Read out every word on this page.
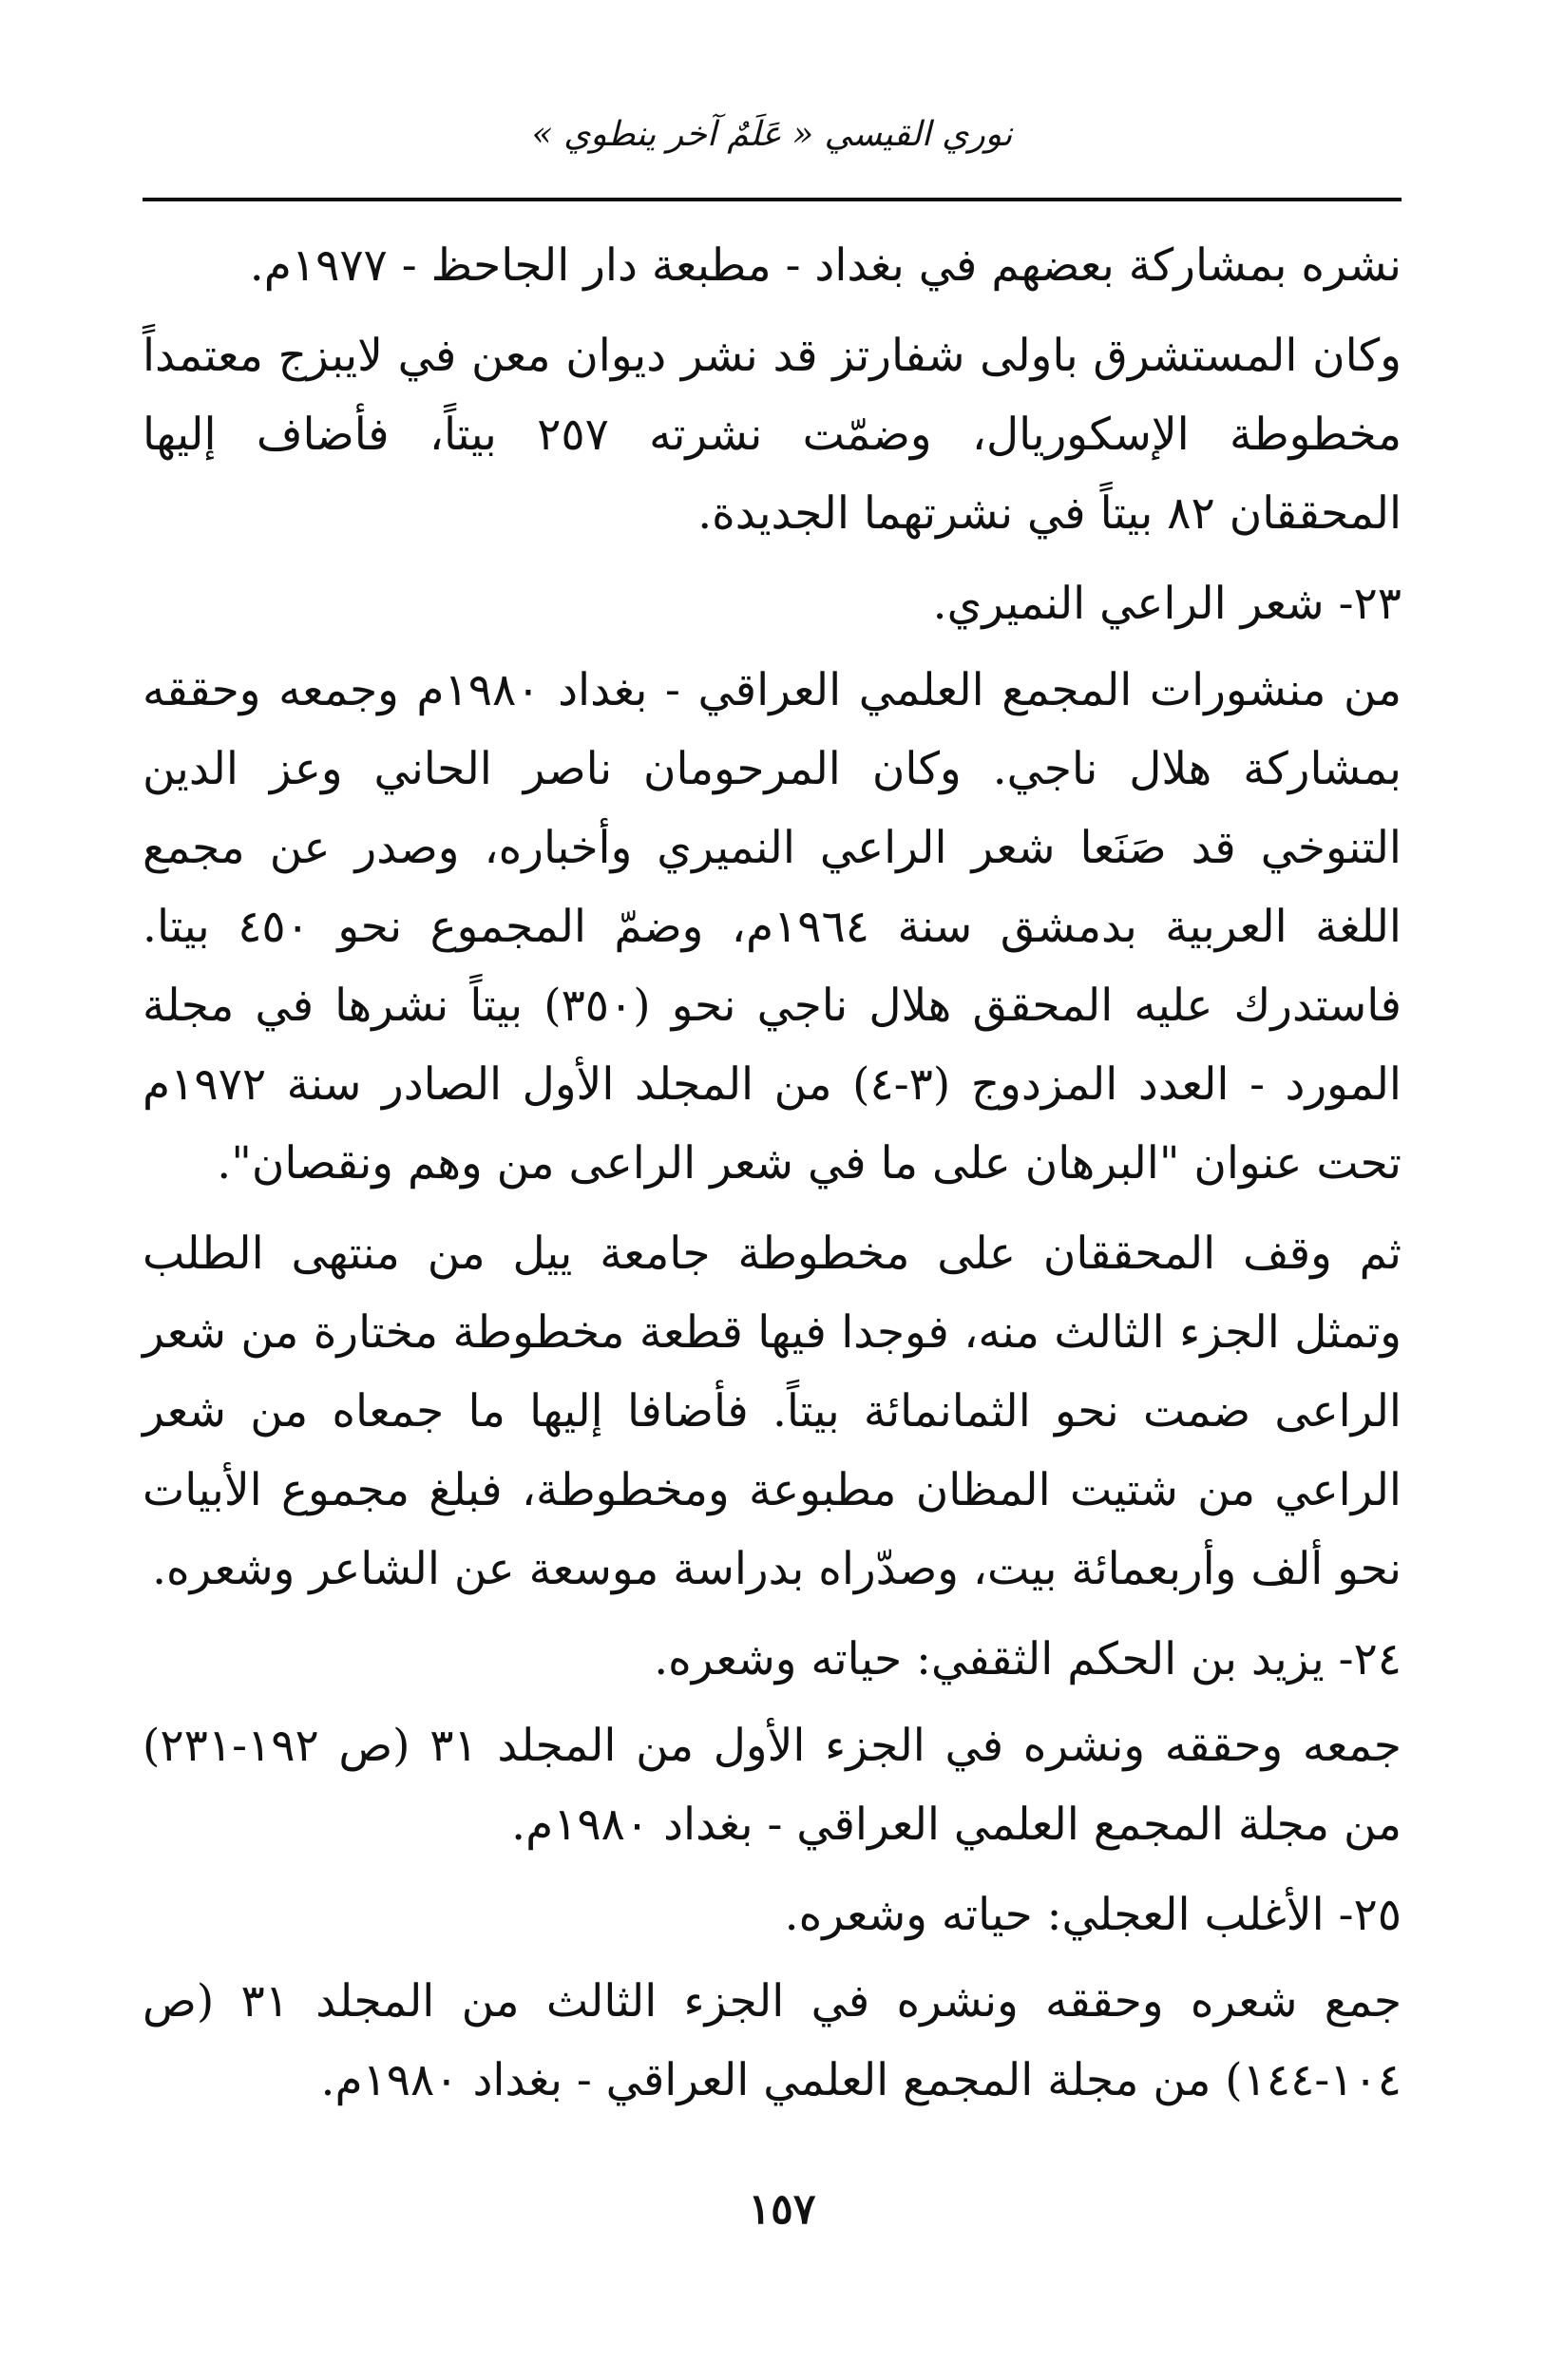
نوري القيسي « عَلَمٌ آخر ينطوي »

نشره بمشاركة بعضهم في بغداد - مطبعة دار الجاحظ - ١٩٧٧م.

وكان المستشرق باولى شفارتز قد نشر ديوان معن في لايبزج معتمداً مخطوطة الإسكوريال، وضمّت نشرته ٢٥٧ بيتاً، فأضاف إليها المحققان ٨٢ بيتاً في نشرتهما الجديدة.

٢٣- شعر الراعي النميري.

من منشورات المجمع العلمي العراقي - بغداد ١٩٨٠م وجمعه وحققه بمشاركة هلال ناجي. وكان المرحومان ناصر الحاني وعز الدين التنوخي قد صَنَعا شعر الراعي النميري وأخباره، وصدر عن مجمع اللغة العربية بدمشق سنة ١٩٦٤م، وضمّ المجموع نحو ٤٥٠ بيتا. فاستدرك عليه المحقق هلال ناجي نحو (٣٥٠) بيتاً نشرها في مجلة المورد - العدد المزدوج (٣-٤) من المجلد الأول الصادر سنة ١٩٧٢م تحت عنوان "البرهان على ما في شعر الراعى من وهم ونقصان".

ثم وقف المحققان على مخطوطة جامعة ييل من منتهى الطلب وتمثل الجزء الثالث منه، فوجدا فيها قطعة مخطوطة مختارة من شعر الراعى ضمت نحو الثمانمائة بيتاً. فأضافا إليها ما جمعاه من شعر الراعي من شتيت المظان مطبوعة ومخطوطة، فبلغ مجموع الأبيات نحو ألف وأربعمائة بيت، وصدّراه بدراسة موسعة عن الشاعر وشعره.

٢٤- يزيد بن الحكم الثقفي: حياته وشعره.

جمعه وحققه ونشره في الجزء الأول من المجلد ٣١ (ص ١٩٢-٢٣١) من مجلة المجمع العلمي العراقي - بغداد ١٩٨٠م.

٢٥- الأغلب العجلي: حياته وشعره.

جمع شعره وحققه ونشره في الجزء الثالث من المجلد ٣١ (ص ١٠٤-١٤٤) من مجلة المجمع العلمي العراقي - بغداد ١٩٨٠م.

١٥٧
